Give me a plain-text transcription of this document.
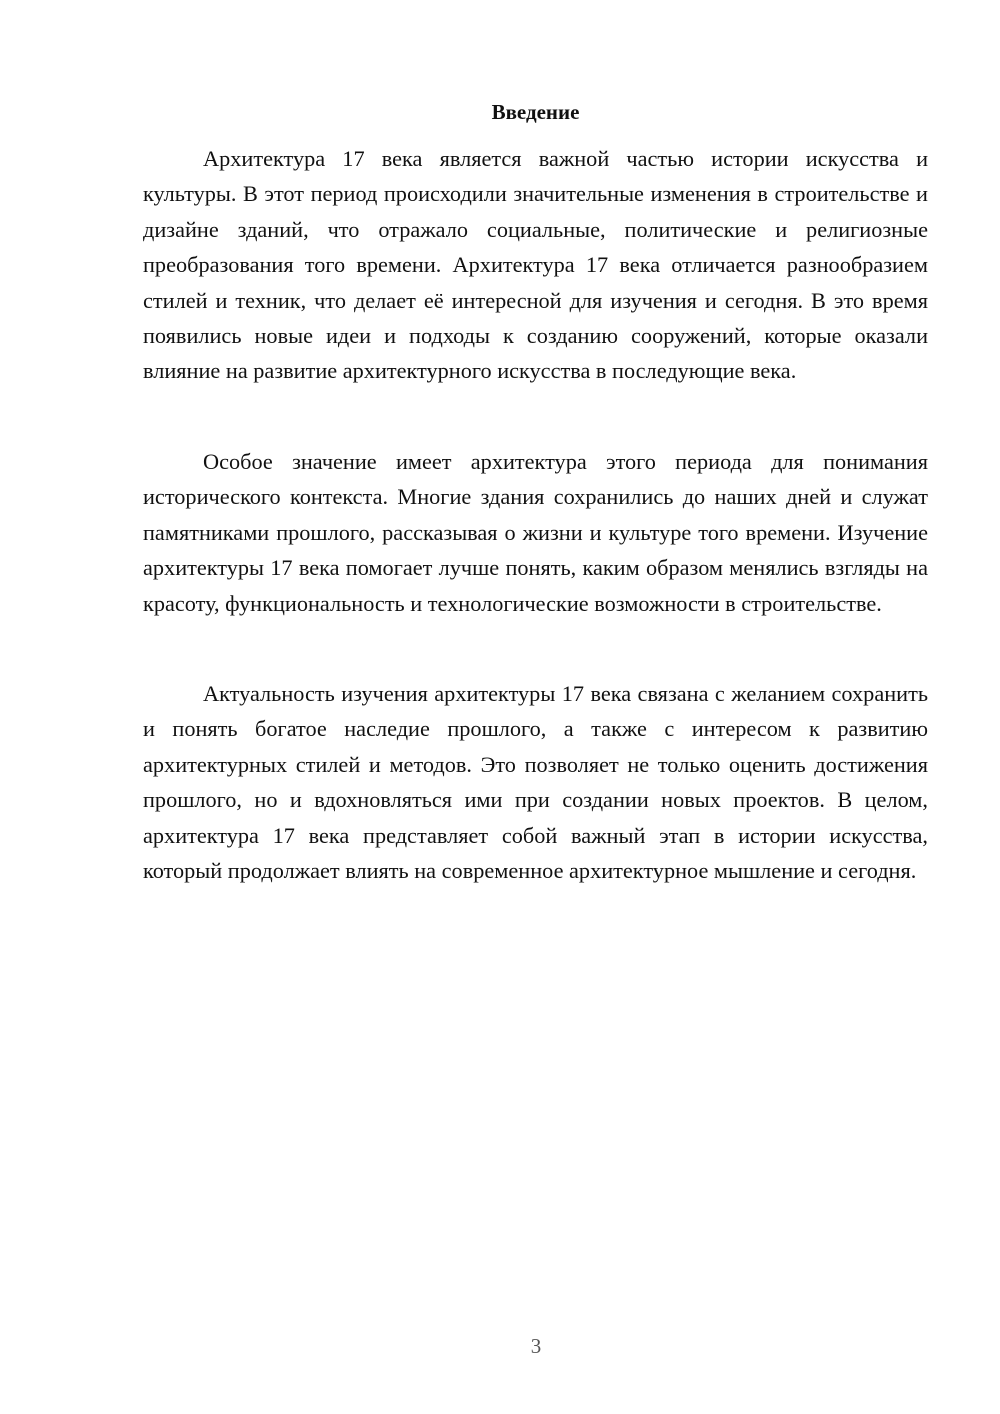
Введение

Архитектура 17 века является важной частью истории искусства и культуры. В этот период происходили значительные изменения в строительстве и дизайне зданий, что отражало социальные, политические и религиозные преобразования того времени. Архитектура 17 века отличается разнообразием стилей и техник, что делает её интересной для изучения и сегодня. В это время появились новые идеи и подходы к созданию сооружений, которые оказали влияние на развитие архитектурного искусства в последующие века.

Особое значение имеет архитектура этого периода для понимания исторического контекста. Многие здания сохранились до наших дней и служат памятниками прошлого, рассказывая о жизни и культуре того времени. Изучение архитектуры 17 века помогает лучше понять, каким образом менялись взгляды на красоту, функциональность и технологические возможности в строительстве.

Актуальность изучения архитектуры 17 века связана с желанием сохранить и понять богатое наследие прошлого, а также с интересом к развитию архитектурных стилей и методов. Это позволяет не только оценить достижения прошлого, но и вдохновляться ими при создании новых проектов. В целом, архитектура 17 века представляет собой важный этап в истории искусства, который продолжает влиять на современное архитектурное мышление и сегодня.

3
